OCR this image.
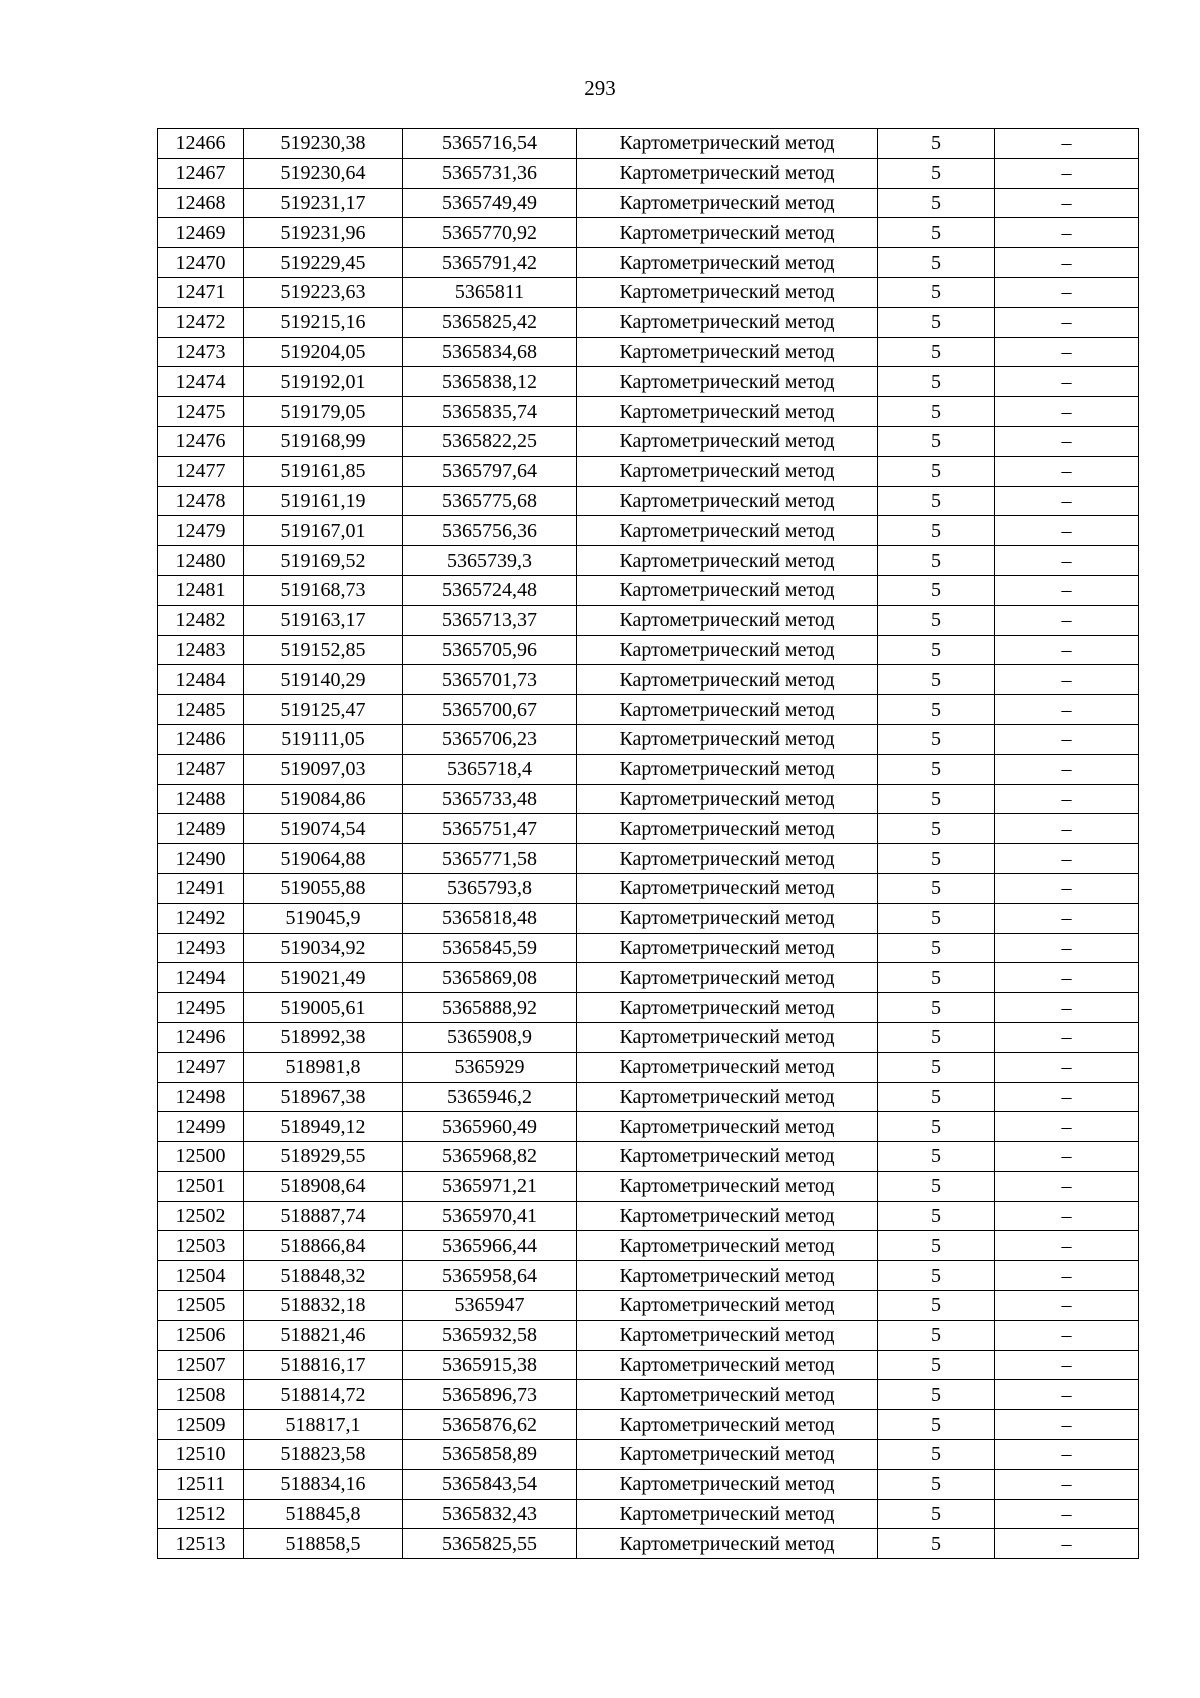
293
12466	519230,38	5365716,54	Картометрический метод	5	–
12467	519230,64	5365731,36	Картометрический метод	5	–
12468	519231,17	5365749,49	Картометрический метод	5	–
12469	519231,96	5365770,92	Картометрический метод	5	–
12470	519229,45	5365791,42	Картометрический метод	5	–
12471	519223,63	5365811	Картометрический метод	5	–
12472	519215,16	5365825,42	Картометрический метод	5	–
12473	519204,05	5365834,68	Картометрический метод	5	–
12474	519192,01	5365838,12	Картометрический метод	5	–
12475	519179,05	5365835,74	Картометрический метод	5	–
12476	519168,99	5365822,25	Картометрический метод	5	–
12477	519161,85	5365797,64	Картометрический метод	5	–
12478	519161,19	5365775,68	Картометрический метод	5	–
12479	519167,01	5365756,36	Картометрический метод	5	–
12480	519169,52	5365739,3	Картометрический метод	5	–
12481	519168,73	5365724,48	Картометрический метод	5	–
12482	519163,17	5365713,37	Картометрический метод	5	–
12483	519152,85	5365705,96	Картометрический метод	5	–
12484	519140,29	5365701,73	Картометрический метод	5	–
12485	519125,47	5365700,67	Картометрический метод	5	–
12486	519111,05	5365706,23	Картометрический метод	5	–
12487	519097,03	5365718,4	Картометрический метод	5	–
12488	519084,86	5365733,48	Картометрический метод	5	–
12489	519074,54	5365751,47	Картометрический метод	5	–
12490	519064,88	5365771,58	Картометрический метод	5	–
12491	519055,88	5365793,8	Картометрический метод	5	–
12492	519045,9	5365818,48	Картометрический метод	5	–
12493	519034,92	5365845,59	Картометрический метод	5	–
12494	519021,49	5365869,08	Картометрический метод	5	–
12495	519005,61	5365888,92	Картометрический метод	5	–
12496	518992,38	5365908,9	Картометрический метод	5	–
12497	518981,8	5365929	Картометрический метод	5	–
12498	518967,38	5365946,2	Картометрический метод	5	–
12499	518949,12	5365960,49	Картометрический метод	5	–
12500	518929,55	5365968,82	Картометрический метод	5	–
12501	518908,64	5365971,21	Картометрический метод	5	–
12502	518887,74	5365970,41	Картометрический метод	5	–
12503	518866,84	5365966,44	Картометрический метод	5	–
12504	518848,32	5365958,64	Картометрический метод	5	–
12505	518832,18	5365947	Картометрический метод	5	–
12506	518821,46	5365932,58	Картометрический метод	5	–
12507	518816,17	5365915,38	Картометрический метод	5	–
12508	518814,72	5365896,73	Картометрический метод	5	–
12509	518817,1	5365876,62	Картометрический метод	5	–
12510	518823,58	5365858,89	Картометрический метод	5	–
12511	518834,16	5365843,54	Картометрический метод	5	–
12512	518845,8	5365832,43	Картометрический метод	5	–
12513	518858,5	5365825,55	Картометрический метод	5	–
